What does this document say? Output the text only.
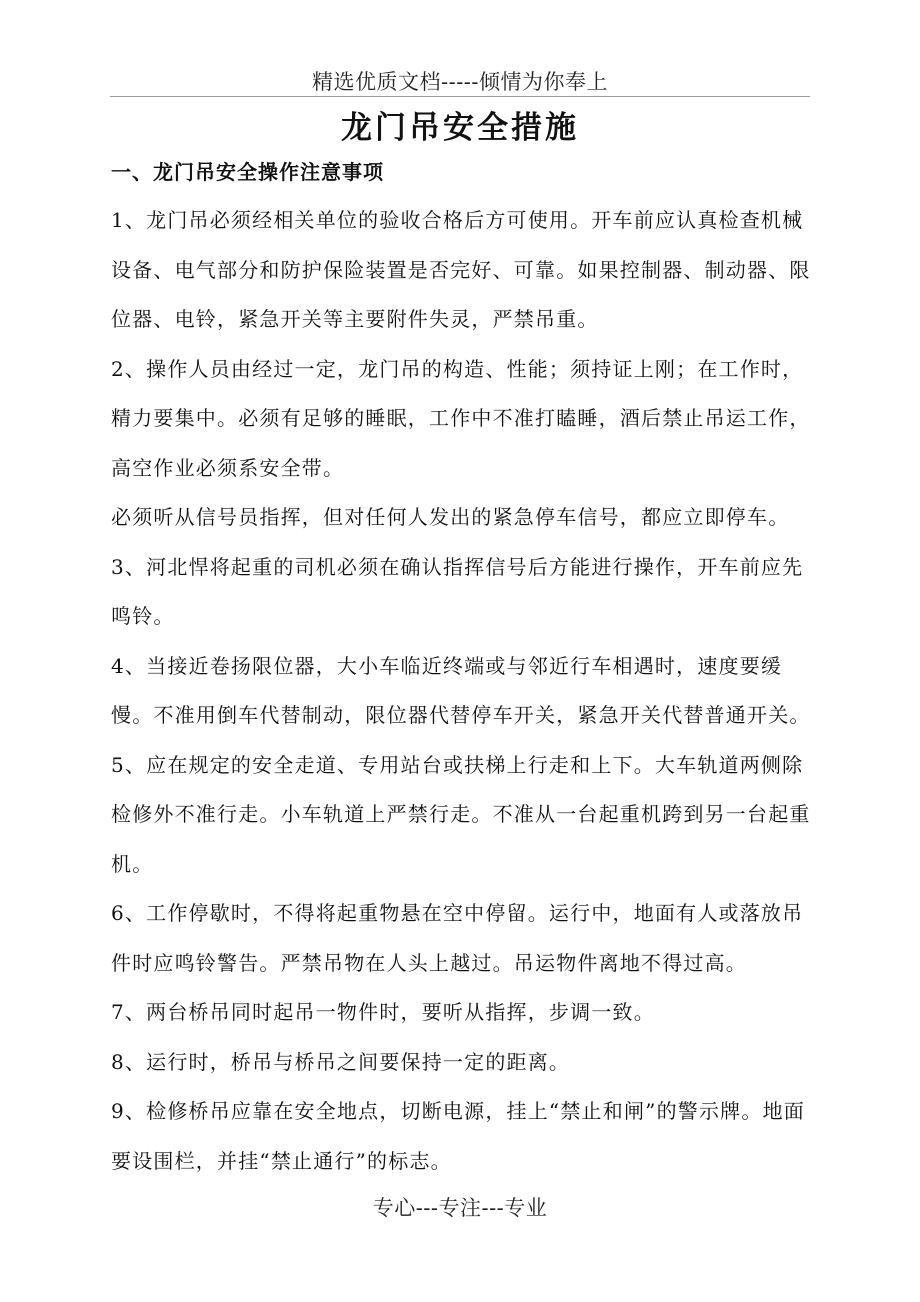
精选优质文档-----倾情为你奉上
龙门吊安全措施
一、龙门吊安全操作注意事项

1、龙门吊必须经相关单位的验收合格后方可使用。开车前应认真检查机械设备、电气部分和防护保险装置是否完好、可靠。如果控制器、制动器、限位器、电铃，紧急开关等主要附件失灵，严禁吊重。

2、操作人员由经过一定，龙门吊的构造、性能；须持证上刚；在工作时，精力要集中。必须有足够的睡眠，工作中不准打瞌睡，酒后禁止吊运工作，高空作业必须系安全带。

必须听从信号员指挥，但对任何人发出的紧急停车信号，都应立即停车。

3、河北悍将起重的司机必须在确认指挥信号后方能进行操作，开车前应先鸣铃。

4、当接近卷扬限位器，大小车临近终端或与邻近行车相遇时，速度要缓慢。不准用倒车代替制动，限位器代替停车开关，紧急开关代替普通开关。

5、应在规定的安全走道、专用站台或扶梯上行走和上下。大车轨道两侧除检修外不准行走。小车轨道上严禁行走。不准从一台起重机跨到另一台起重机。

6、工作停歇时，不得将起重物悬在空中停留。运行中，地面有人或落放吊件时应鸣铃警告。严禁吊物在人头上越过。吊运物件离地不得过高。

7、两台桥吊同时起吊一物件时，要听从指挥，步调一致。

8、运行时，桥吊与桥吊之间要保持一定的距离。

9、检修桥吊应靠在安全地点，切断电源，挂上“禁止和闸”的警示牌。地面要设围栏，并挂“禁止通行”的标志。

专心---专注---专业
